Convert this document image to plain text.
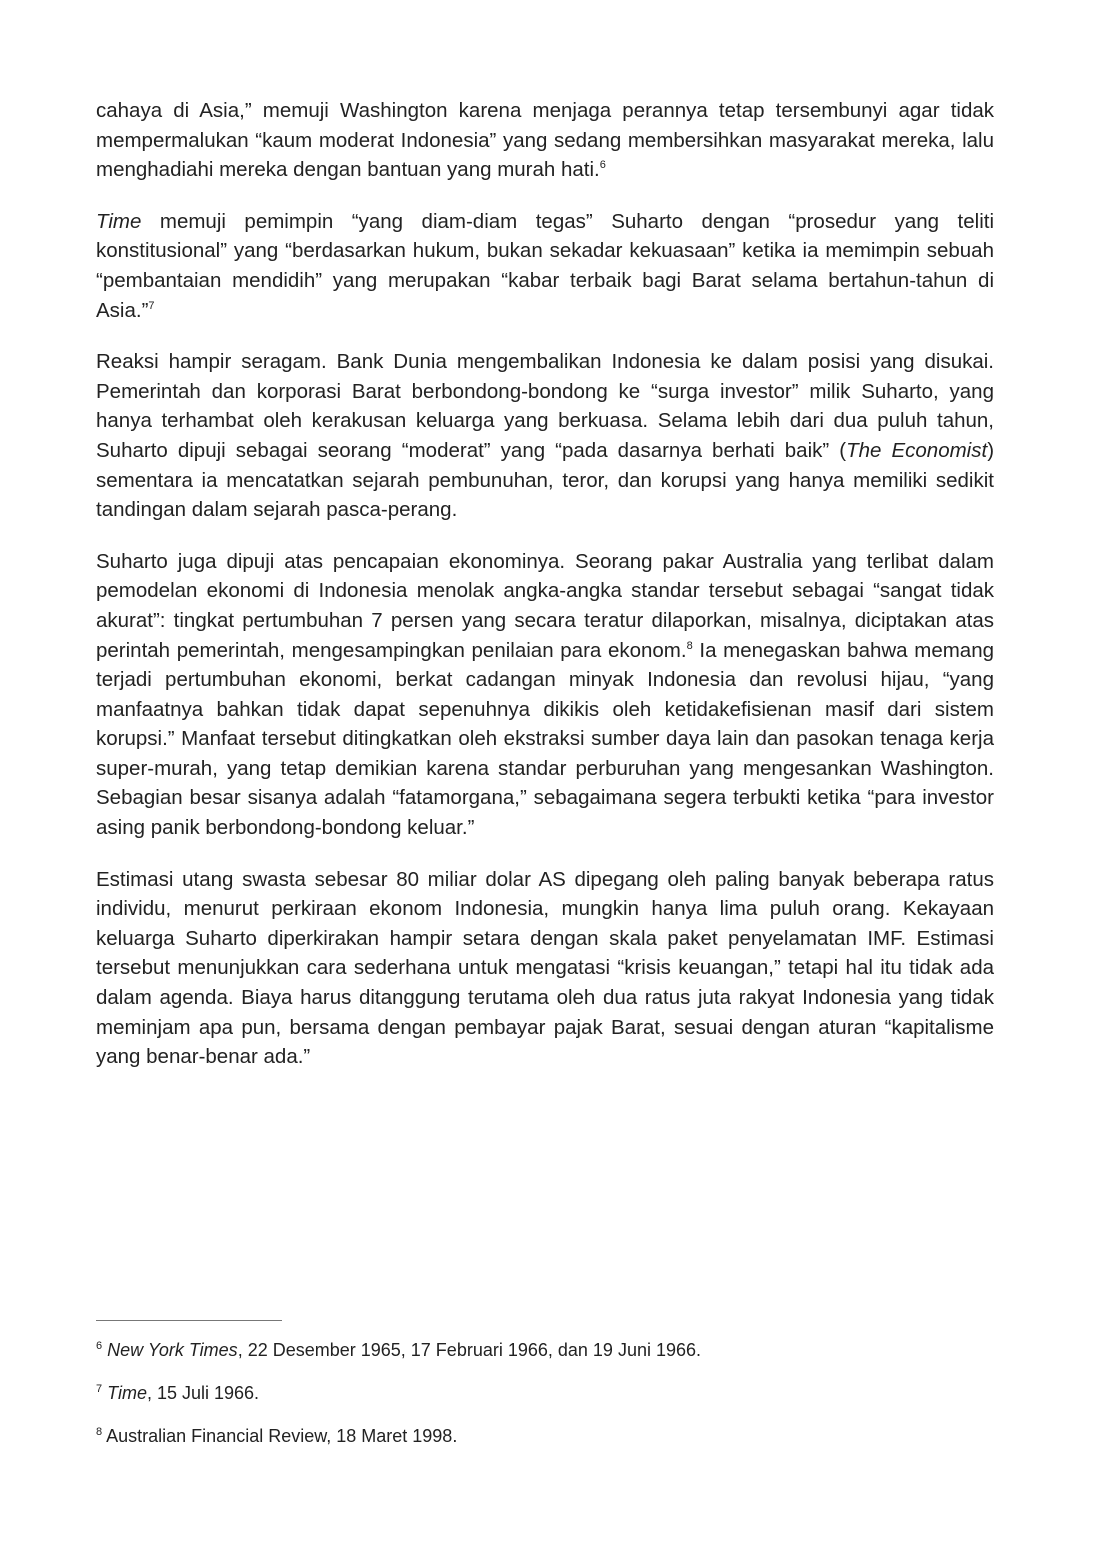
cahaya di Asia,” memuji Washington karena menjaga perannya tetap tersembunyi agar tidak mempermalukan “kaum moderat Indonesia” yang sedang membersihkan masyarakat mereka, lalu menghadiahi mereka dengan bantuan yang murah hati.$^6$

Time memuji pemimpin “yang diam-diam tegas” Suharto dengan “prosedur yang teliti konstitusional” yang “berdasarkan hukum, bukan sekadar kekuasaan” ketika ia memimpin sebuah “pembantaian mendidih” yang merupakan “kabar terbaik bagi Barat selama bertahun-tahun di Asia.”$^7$

Reaksi hampir seragam. Bank Dunia mengembalikan Indonesia ke dalam posisi yang disukai. Pemerintah dan korporasi Barat berbondong-bondong ke “surga investor” milik Suharto, yang hanya terhambat oleh kerakusan keluarga yang berkuasa. Selama lebih dari dua puluh tahun, Suharto dipuji sebagai seorang “moderat” yang “pada dasarnya berhati baik” (The Economist) sementara ia mencatatkan sejarah pembunuhan, teror, dan korupsi yang hanya memiliki sedikit tandingan dalam sejarah pasca-perang.

Suharto juga dipuji atas pencapaian ekonominya. Seorang pakar Australia yang terlibat dalam pemodelan ekonomi di Indonesia menolak angka-angka standar tersebut sebagai “sangat tidak akurat”: tingkat pertumbuhan 7 persen yang secara teratur dilaporkan, misalnya, diciptakan atas perintah pemerintah, mengesampingkan penilaian para ekonom.$^8$ Ia menegaskan bahwa memang terjadi pertumbuhan ekonomi, berkat cadangan minyak Indonesia dan revolusi hijau, “yang manfaatnya bahkan tidak dapat sepenuhnya dikikis oleh ketidakefisienan masif dari sistem korupsi.” Manfaat tersebut ditingkatkan oleh ekstraksi sumber daya lain dan pasokan tenaga kerja super-murah, yang tetap demikian karena standar perburuhan yang mengesankan Washington. Sebagian besar sisanya adalah “fatamorgana,” sebagaimana segera terbukti ketika “para investor asing panik berbondong-bondong keluar.”

Estimasi utang swasta sebesar 80 miliar dolar AS dipegang oleh paling banyak beberapa ratus individu, menurut perkiraan ekonom Indonesia, mungkin hanya lima puluh orang. Kekayaan keluarga Suharto diperkirakan hampir setara dengan skala paket penyelamatan IMF. Estimasi tersebut menunjukkan cara sederhana untuk mengatasi “krisis keuangan,” tetapi hal itu tidak ada dalam agenda. Biaya harus ditanggung terutama oleh dua ratus juta rakyat Indonesia yang tidak meminjam apa pun, bersama dengan pembayar pajak Barat, sesuai dengan aturan “kapitalisme yang benar-benar ada.”

$^6$ New York Times, 22 Desember 1965, 17 Februari 1966, dan 19 Juni 1966.

$^7$ Time, 15 Juli 1966.

$^8$ Australian Financial Review, 18 Maret 1998.
